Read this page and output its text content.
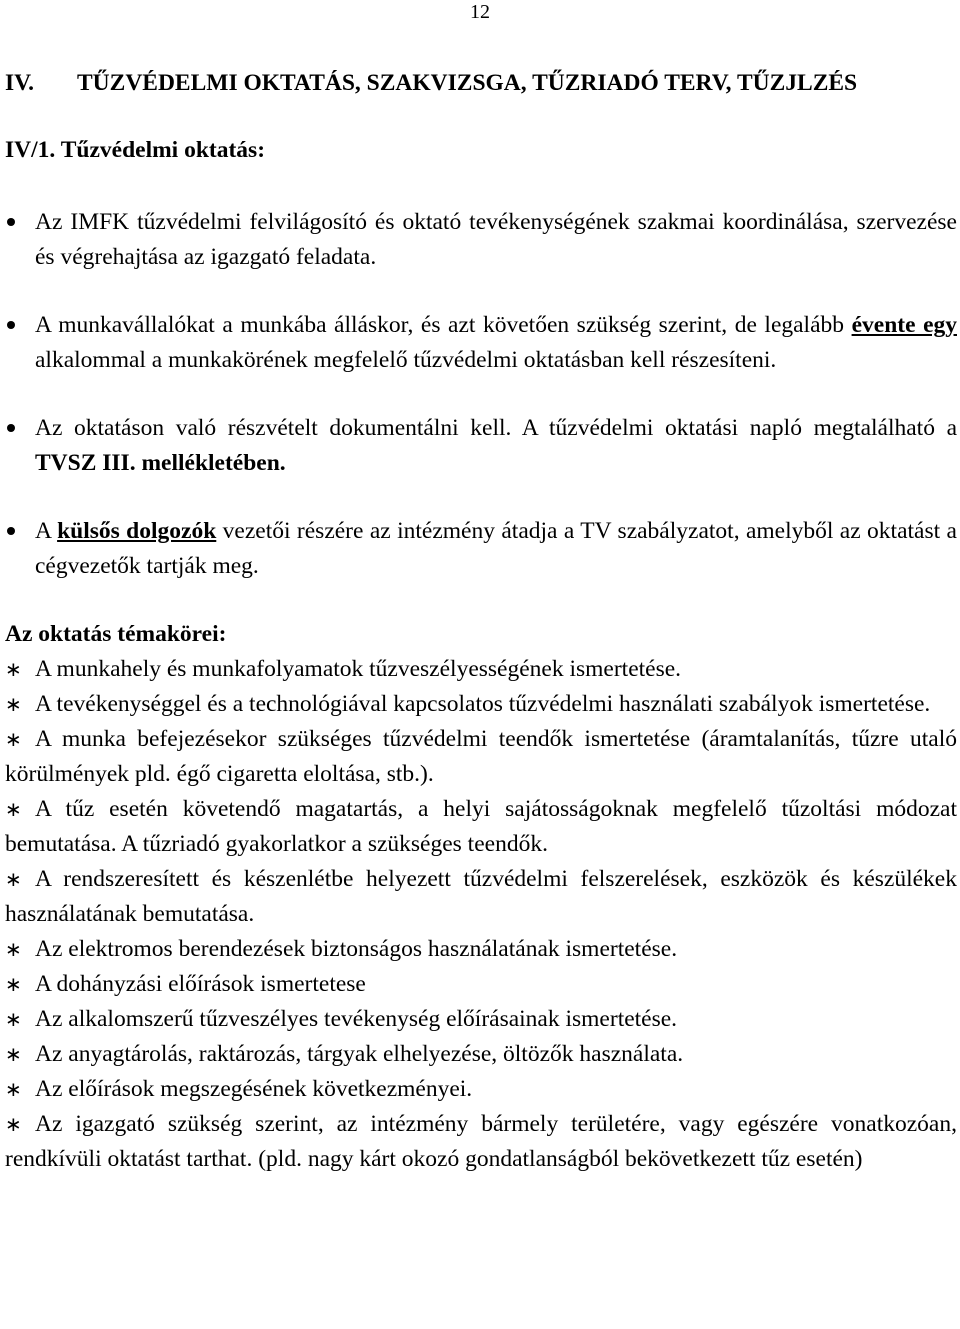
12
IV.	TŰZVÉDELMI OKTATÁS, SZAKVIZSGA, TŰZRIADÓ TERV, TŰZJLZÉS
IV/1. Tűzvédelmi oktatás:

Az IMFK tűzvédelmi felvilágosító és oktató tevékenységének szakmai koordinálása, szervezése és végrehajtása az igazgató feladata.

A munkavállalókat a munkába álláskor, és azt követően szükség szerint, de legalább évente egy alkalommal a munkakörének megfelelő tűzvédelmi oktatásban kell részesíteni.

Az oktatáson való részvételt dokumentálni kell. A tűzvédelmi oktatási napló megtalálható a TVSZ III. mellékletében.

A külsős dolgozók vezetői részére az intézmény átadja a TV szabályzatot, amelyből az oktatást a cégvezetők tartják meg.

Az oktatás témakörei:

∗ A munkahely és munkafolyamatok tűzveszélyességének ismertetése.

∗ A tevékenységgel és a technológiával kapcsolatos tűzvédelmi használati szabályok ismertetése.

∗ A munka befejezésekor szükséges tűzvédelmi teendők ismertetése (áramtalanítás, tűzre utaló körülmények pld. égő cigaretta eloltása, stb.).

∗ A tűz esetén követendő magatartás, a helyi sajátosságoknak megfelelő tűzoltási módozat bemutatása. A tűzriadó gyakorlatkor a szükséges teendők.

∗ A rendszeresített és készenlétbe helyezett tűzvédelmi felszerelések, eszközök és készülékek használatának bemutatása.

∗ Az elektromos berendezések biztonságos használatának ismertetése.

∗ A dohányzási előírások ismertetese

∗ Az alkalomszerű tűzveszélyes tevékenység előírásainak ismertetése.

∗ Az anyagtárolás, raktározás, tárgyak elhelyezése, öltözők használata.

∗ Az előírások megszegésének következményei.

∗ Az igazgató szükség szerint, az intézmény bármely területére, vagy egészére vonatkozóan, rendkívüli oktatást tarthat. (pld. nagy kárt okozó gondatlanságból bekövetkezett tűz esetén)
